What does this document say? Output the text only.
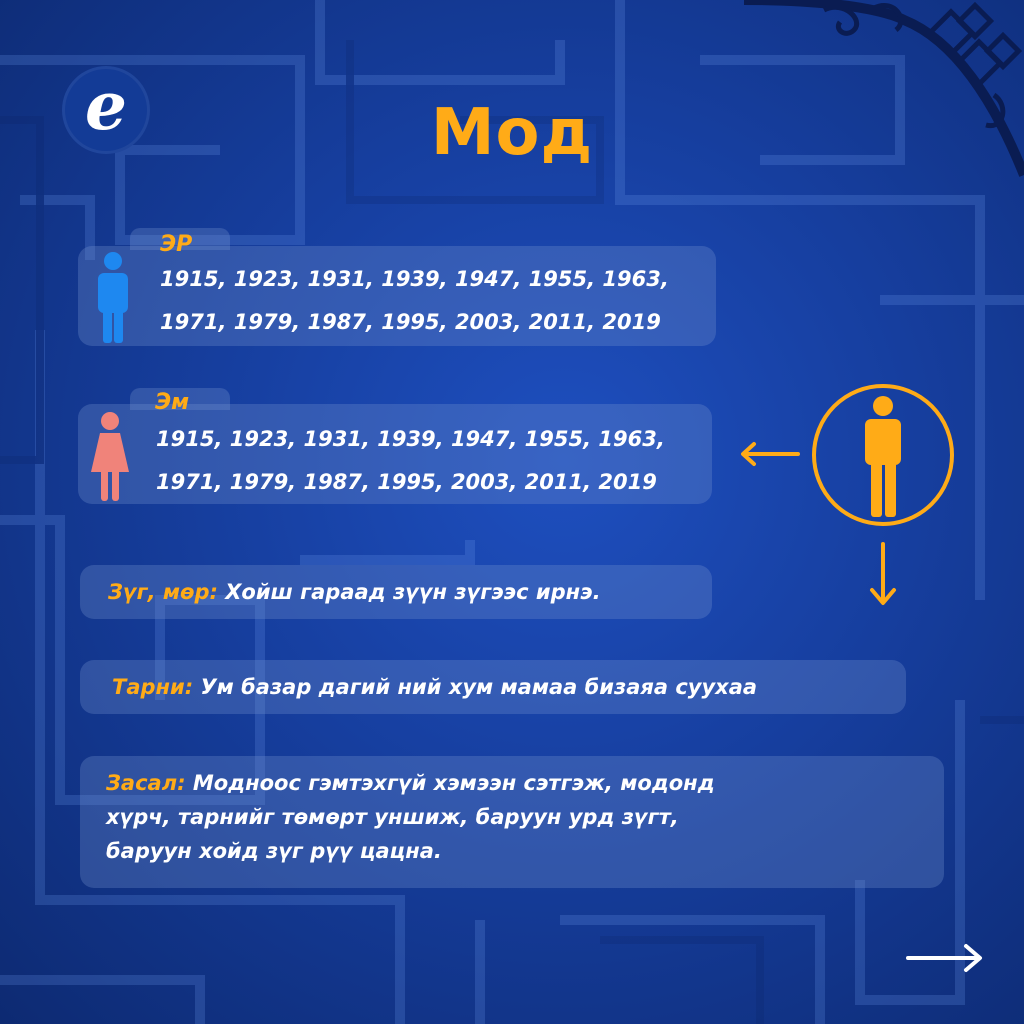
e	Мод
ЭР
1915, 1923, 1931, 1939, 1947, 1955, 1963,
1971, 1979, 1987, 1995, 2003, 2011, 2019
Эм
1915, 1923, 1931, 1939, 1947, 1955, 1963,
1971, 1979, 1987, 1995, 2003, 2011, 2019
Зүг, мөр: Хойш гараад зүүн зүгээс ирнэ.
Тарни: Ум базар дагий ний хум мамаа бизаяа суухаа
Засал: Модноос гэмтэхгүй хэмээн сэтгэж, модонд
хүрч, тарнийг төмөрт уншиж, баруун урд зүгт,
баруун хойд зүг рүү цацна.
